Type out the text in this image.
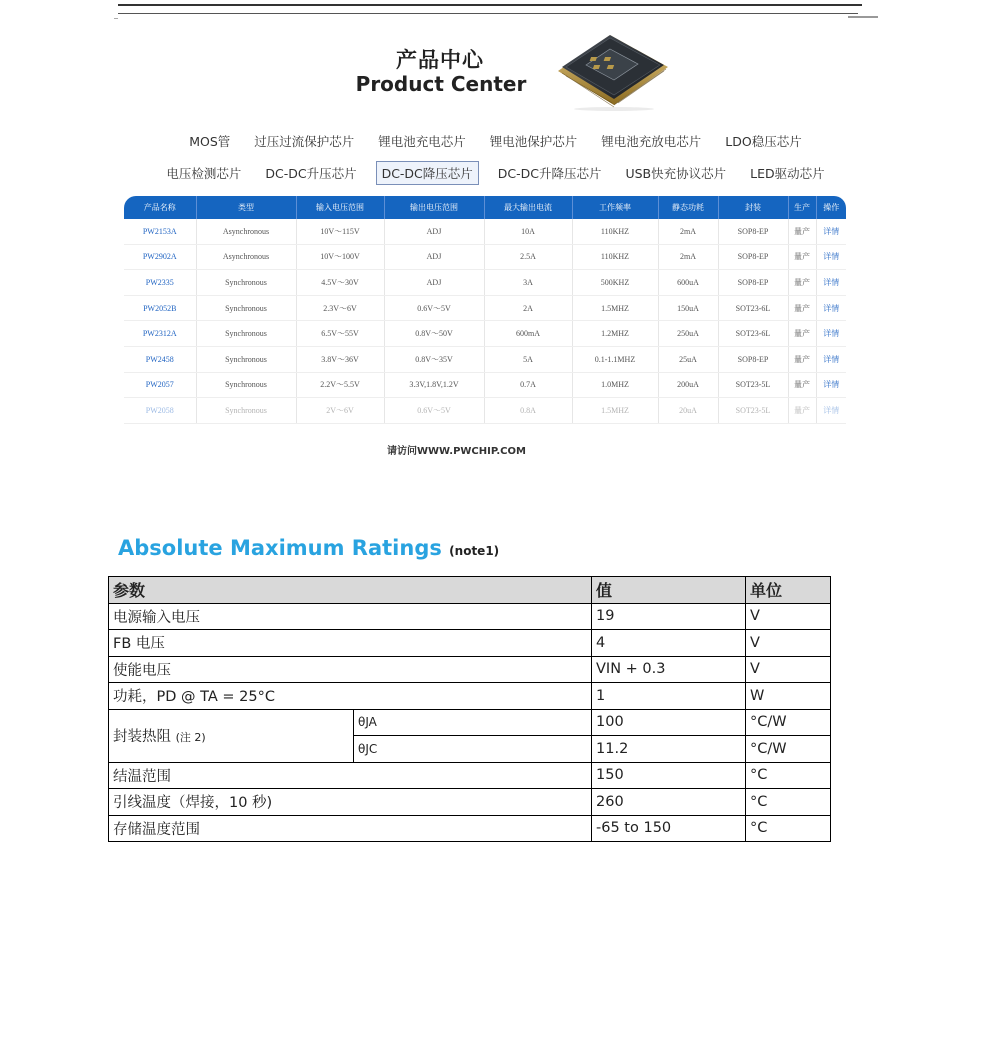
产品中心
Product Center
MOS管 过压过流保护芯片 锂电池充电芯片 锂电池保护芯片 锂电池充放电芯片 LDO稳压芯片
电压检测芯片 DC-DC升压芯片 DC-DC降压芯片 DC-DC升降压芯片 USB快充协议芯片 LED驱动芯片
产品名称	类型	输入电压范围	输出电压范围	最大输出电流	工作频率	静态功耗	封装	生产	操作
PW2153A	Asynchronous	10V～115V	ADJ	10A	110KHZ	2mA	SOP8-EP	量产	详情
PW2902A	Asynchronous	10V～100V	ADJ	2.5A	110KHZ	2mA	SOP8-EP	量产	详情
PW2335	Synchronous	4.5V～30V	ADJ	3A	500KHZ	600uA	SOP8-EP	量产	详情
PW2052B	Synchronous	2.3V～6V	0.6V～5V	2A	1.5MHZ	150uA	SOT23-6L	量产	详情
PW2312A	Synchronous	6.5V～55V	0.8V～50V	600mA	1.2MHZ	250uA	SOT23-6L	量产	详情
PW2458	Synchronous	3.8V～36V	0.8V～35V	5A	0.1-1.1MHZ	25uA	SOP8-EP	量产	详情
PW2057	Synchronous	2.2V～5.5V	3.3V,1.8V,1.2V	0.7A	1.0MHZ	200uA	SOT23-5L	量产	详情
PW2058	Synchronous	2V～6V	0.6V～5V	0.8A	1.5MHZ	20uA	SOT23-5L	量产	详情
请访问WWW.PWCHIP.COM
Absolute Maximum Ratings (note1)
参数		值	单位
电源输入电压		19	V
FB 电压		4	V
使能电压		VIN + 0.3	V
功耗，PD @ TA = 25°C		1	W
封装热阻 (注 2)	θJA	100	°C/W
	θJC	11.2	°C/W
结温范围		150	°C
引线温度（焊接，10 秒)		260	°C
存储温度范围		-65 to 150	°C
